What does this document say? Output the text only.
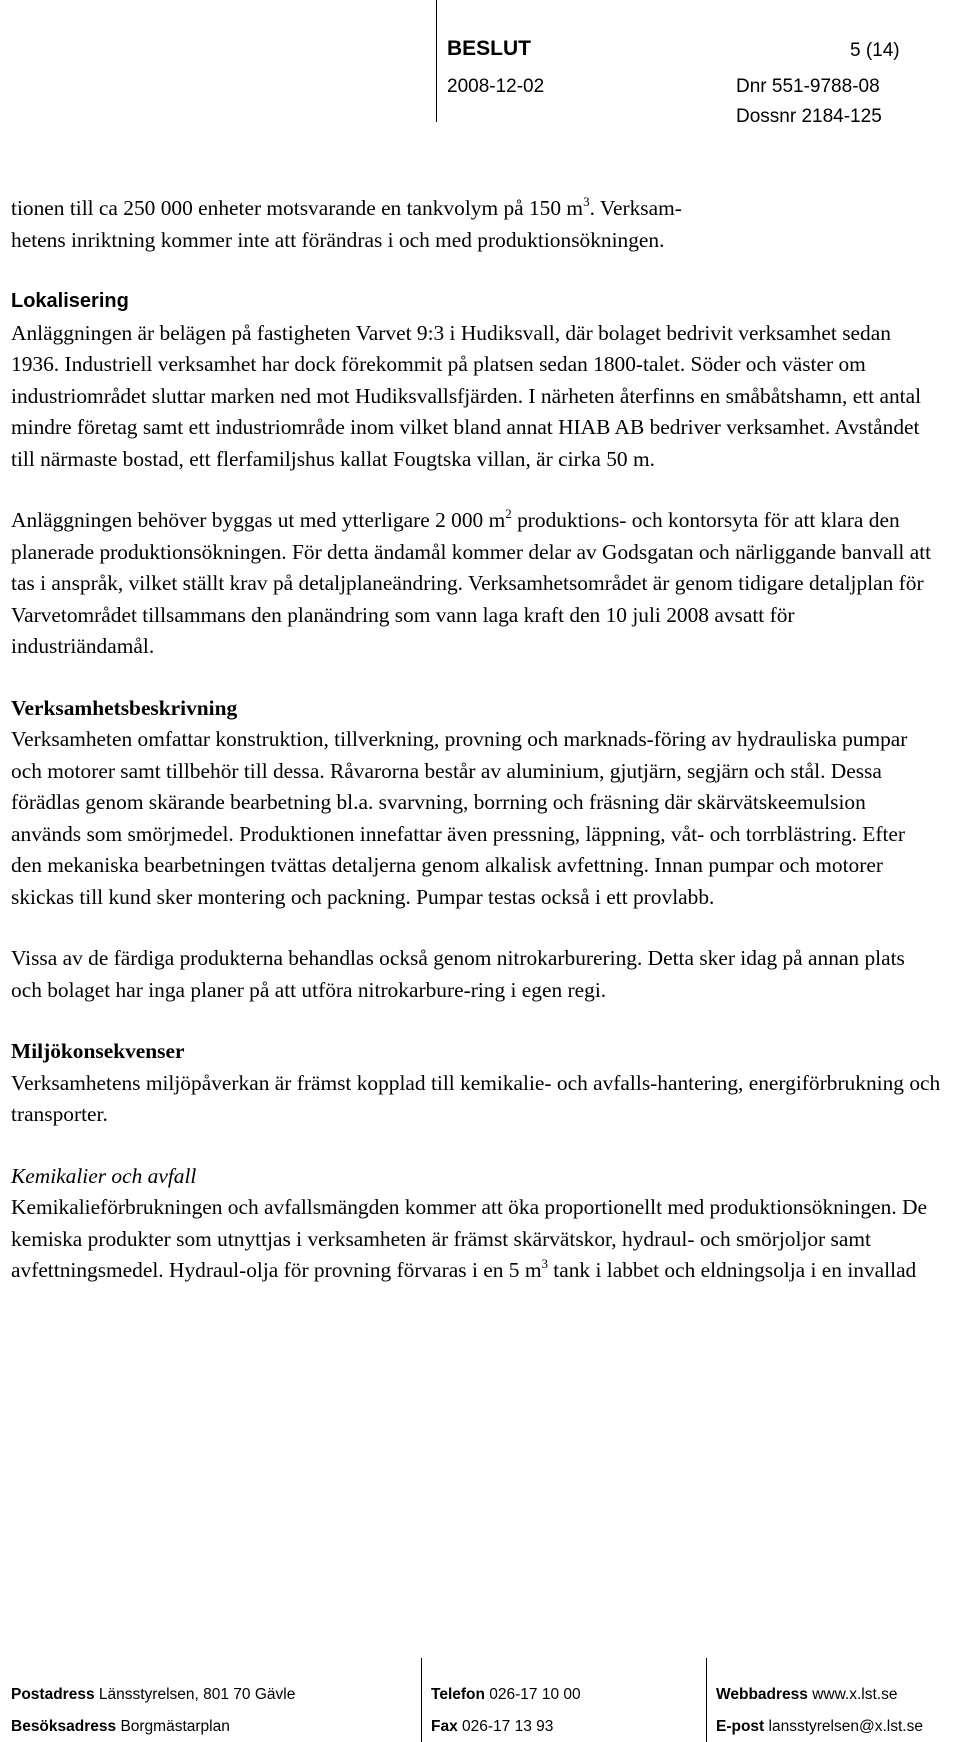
BESLUT	5 (14)
2008-12-02	Dnr 551-9788-08
Dossnr 2184-125

tionen till ca 250 000 enheter motsvarande en tankvolym på 150 $m^3$. Verksam-
hetens inriktning kommer inte att förändras i och med produktionsökningen.

Lokalisering

Anläggningen är belägen på fastigheten Varvet 9:3 i Hudiksvall, där bolaget bedrivit verksamhet sedan 1936. Industriell verksamhet har dock förekommit på platsen sedan 1800-talet. Söder och väster om industriområdet sluttar marken ned mot Hudiksvallsfjärden. I närheten återfinns en småbåtshamn, ett antal mindre företag samt ett industriområde inom vilket bland annat HIAB AB bedriver verksamhet. Avståndet till närmaste bostad, ett flerfamiljshus kallat Fougtska villan, är cirka 50 m.

Anläggningen behöver byggas ut med ytterligare 2 000 $m^2$ produktions- och kontorsyta för att klara den planerade produktionsökningen. För detta ändamål kommer delar av Godsgatan och närliggande banvall att tas i anspråk, vilket ställt krav på detaljplaneändring. Verksamhetsområdet är genom tidigare detaljplan för Varvetområdet tillsammans den planändring som vann laga kraft den 10 juli 2008 avsatt för industriändamål.

Verksamhetsbeskrivning

Verksamheten omfattar konstruktion, tillverkning, provning och marknads-föring av hydrauliska pumpar och motorer samt tillbehör till dessa. Råvarorna består av aluminium, gjutjärn, segjärn och stål. Dessa förädlas genom skärande bearbetning bl.a. svarvning, borrning och fräsning där skärvätskeemulsion används som smörjmedel. Produktionen innefattar även pressning, läppning, våt- och torrblästring. Efter den mekaniska bearbetningen tvättas detaljerna genom alkalisk avfettning. Innan pumpar och motorer skickas till kund sker montering och packning. Pumpar testas också i ett provlabb.

Vissa av de färdiga produkterna behandlas också genom nitrokarburering. Detta sker idag på annan plats och bolaget har inga planer på att utföra nitrokarbure-ring i egen regi.

Miljökonsekvenser

Verksamhetens miljöpåverkan är främst kopplad till kemikalie- och avfalls-hantering, energiförbrukning och transporter.

Kemikalier och avfall

Kemikalieförbrukningen och avfallsmängden kommer att öka proportionellt med produktionsökningen. De kemiska produkter som utnyttjas i verksamheten är främst skärvätskor, hydraul- och smörjoljor samt avfettningsmedel. Hydraul-olja för provning förvaras i en 5 $m^3$ tank i labbet och eldningsolja i en invallad

Postadress Länsstyrelsen, 801 70 Gävle
Besöksadress Borgmästarplan
Telefon 026-17 10 00
Fax 026-17 13 93
Webbadress www.x.lst.se
E-post lansstyrelsen@x.lst.se
